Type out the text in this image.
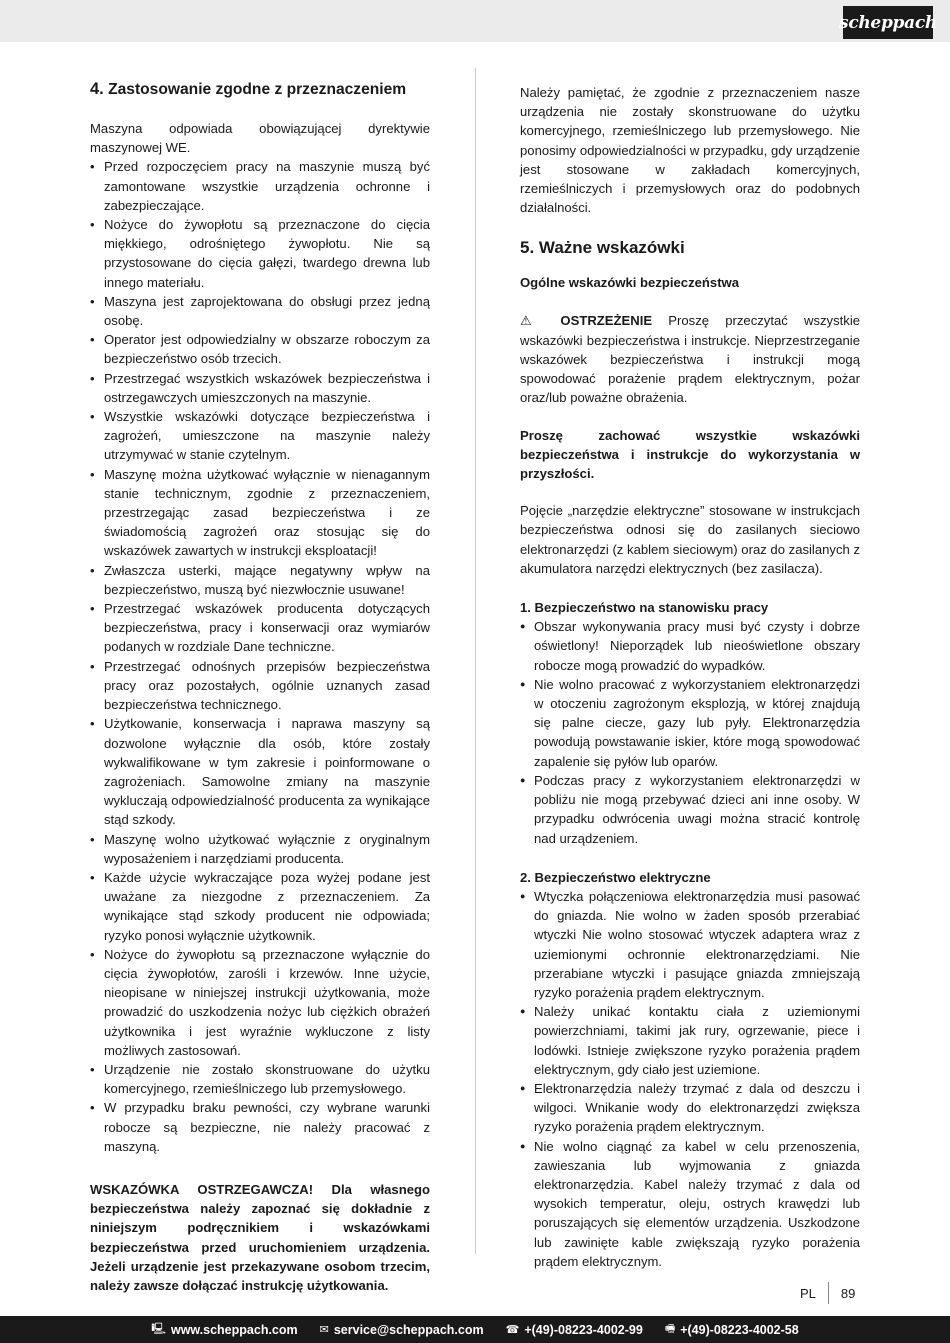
scheppach
4. Zastosowanie zgodne z przeznaczeniem

Maszyna odpowiada obowiązującej dyrektywie maszynowej WE.

• Przed rozpoczęciem pracy na maszynie muszą być zamontowane wszystkie urządzenia ochronne i zabezpieczające.
• Nożyce do żywopłotu są przeznaczone do cięcia miękkiego, odrośniętego żywopłotu. Nie są przystosowane do cięcia gałęzi, twardego drewna lub innego materiału.
• Maszyna jest zaprojektowana do obsługi przez jedną osobę.
• Operator jest odpowiedzialny w obszarze roboczym za bezpieczeństwo osób trzecich.
• Przestrzegać wszystkich wskazówek bezpieczeństwa i ostrzegawczych umieszczonych na maszynie.
• Wszystkie wskazówki dotyczące bezpieczeństwa i zagrożeń, umieszczone na maszynie należy utrzymywać w stanie czytelnym.
• Maszynę można użytkować wyłącznie w nienagannym stanie technicznym, zgodnie z przeznaczeniem, przestrzegając zasad bezpieczeństwa i ze świadomością zagrożeń oraz stosując się do wskazówek zawartych w instrukcji eksploatacji!
• Zwłaszcza usterki, mające negatywny wpływ na bezpieczeństwo, muszą być niezwłocznie usuwane!
• Przestrzegać wskazówek producenta dotyczących bezpieczeństwa, pracy i konserwacji oraz wymiarów podanych w rozdziale Dane techniczne.
• Przestrzegać odnośnych przepisów bezpieczeństwa pracy oraz pozostałych, ogólnie uznanych zasad bezpieczeństwa technicznego.
• Użytkowanie, konserwacja i naprawa maszyny są dozwolone wyłącznie dla osób, które zostały wykwalifikowane w tym zakresie i poinformowane o zagrożeniach. Samowolne zmiany na maszynie wykluczają odpowiedzialność producenta za wynikające stąd szkody.
• Maszynę wolno użytkować wyłącznie z oryginalnym wyposażeniem i narzędziami producenta.
• Każde użycie wykraczające poza wyżej podane jest uważane za niezgodne z przeznaczeniem. Za wynikające stąd szkody producent nie odpowiada; ryzyko ponosi wyłącznie użytkownik.
• Nożyce do żywopłotu są przeznaczone wyłącznie do cięcia żywopłotów, zarośli i krzewów. Inne użycie, nieopisane w niniejszej instrukcji użytkowania, może prowadzić do uszkodzenia nożyc lub ciężkich obrażeń użytkownika i jest wyraźnie wykluczone z listy możliwych zastosowań.
• Urządzenie nie zostało skonstruowane do użytku komercyjnego, rzemieślniczego lub przemysłowego.
• W przypadku braku pewności, czy wybrane warunki robocze są bezpieczne, nie należy pracować z maszyną.

WSKAZÓWKA OSTRZEGAWCZA! Dla własnego bezpieczeństwa należy zapoznać się dokładnie z niniejszym podręcznikiem i wskazówkami bezpieczeństwa przed uruchomieniem urządzenia. Jeżeli urządzenie jest przekazywane osobom trzecim, należy zawsze dołączać instrukcję użytkowania.

Należy pamiętać, że zgodnie z przeznaczeniem nasze urządzenia nie zostały skonstruowane do użytku komercyjnego, rzemieślniczego lub przemysłowego. Nie ponosimy odpowiedzialności w przypadku, gdy urządzenie jest stosowane w zakładach komercyjnych, rzemieślniczych i przemysłowych oraz do podobnych działalności.

5. Ważne wskazówki

Ogólne wskazówki bezpieczeństwa

⚠ OSTRZEŻENIE Proszę przeczytać wszystkie wskazówki bezpieczeństwa i instrukcje. Nieprzestrzeganie wskazówek bezpieczeństwa i instrukcji mogą spowodować porażenie prądem elektrycznym, pożar oraz/lub poważne obrażenia.

Proszę zachować wszystkie wskazówki bezpieczeństwa i instrukcje do wykorzystania w przyszłości.

Pojęcie „narzędzie elektryczne” stosowane w instrukcjach bezpieczeństwa odnosi się do zasilanych sieciowo elektronarzędzi (z kablem sieciowym) oraz do zasilanych z akumulatora narzędzi elektrycznych (bez zasilacza).

1. Bezpieczeństwo na stanowisku pracy

● Obszar wykonywania pracy musi być czysty i dobrze oświetlony! Nieporządek lub nieoświetlone obszary robocze mogą prowadzić do wypadków.
● Nie wolno pracować z wykorzystaniem elektronarzędzi w otoczeniu zagrożonym eksplozją, w której znajdują się palne ciecze, gazy lub pyły. Elektronarzędzia powodują powstawanie iskier, które mogą spowodować zapalenie się pyłów lub oparów.
● Podczas pracy z wykorzystaniem elektronarzędzi w pobliżu nie mogą przebywać dzieci ani inne osoby. W przypadku odwrócenia uwagi można stracić kontrolę nad urządzeniem.

2. Bezpieczeństwo elektryczne

● Wtyczka połączeniowa elektronarzędzia musi pasować do gniazda. Nie wolno w żaden sposób przerabiać wtyczki Nie wolno stosować wtyczek adaptera wraz z uziemionymi ochronnie elektronarzędziami. Nie przerabiane wtyczki i pasujące gniazda zmniejszają ryzyko porażenia prądem elektrycznym.
● Należy unikać kontaktu ciała z uziemionymi powierzchniami, takimi jak rury, ogrzewanie, piece i lodówki. Istnieje zwiększone ryzyko porażenia prądem elektrycznym, gdy ciało jest uziemione.
● Elektronarzędzia należy trzymać z dala od deszczu i wilgoci. Wnikanie wody do elektronarzędzi zwiększa ryzyko porażenia prądem elektrycznym.
● Nie wolno ciągnąć za kabel w celu przenoszenia, zawieszania lub wyjmowania z gniazda elektronarzędzia. Kabel należy trzymać z dala od wysokich temperatur, oleju, ostrych krawędzi lub poruszających się elementów urządzenia. Uszkodzone lub zawinięte kable zwiększają ryzyko porażenia prądem elektrycznym.
PL 89
🖳 www.scheppach.com ✉ service@scheppach.com ☎ +(49)-08223-4002-99 🖷 +(49)-08223-4002-58
